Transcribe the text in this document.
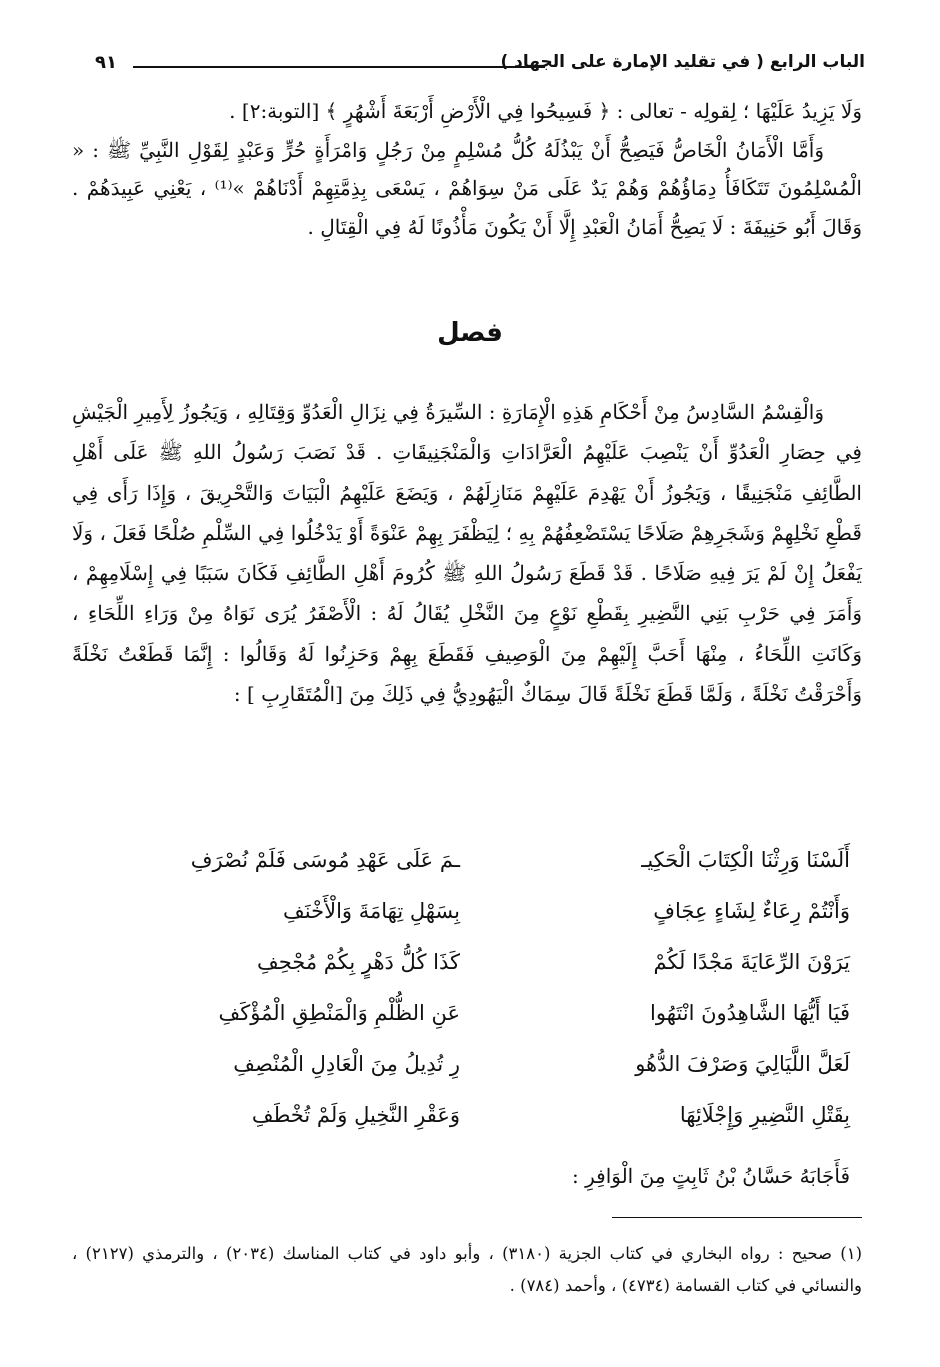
الباب الرابع ( في تقليد الإمارة على الجهاد )
٩١

وَلَا يَزِيدُ عَلَيْهَا ؛ لِقولِه - تعالى : ﴿ فَسِيحُوا فِي الْأَرْضِ أَرْبَعَةَ أَشْهُرٍ ﴾ [التوبة:٢] .

وَأَمَّا الْأَمَانُ الْخَاصُّ فَيَصِحُّ أَنْ يَبْذُلَهُ كُلُّ مُسْلِمٍ مِنْ رَجُلٍ وَامْرَأَةٍ حُرٍّ وَعَبْدٍ لِقَوْلِ النَّبِيِّ ﷺ : « الْمُسْلِمُونَ تَتَكَافَأُ دِمَاؤُهُمْ وَهُمْ يَدٌ عَلَى مَنْ سِوَاهُمْ ، يَسْعَى بِذِمَّتِهِمْ أَدْنَاهُمْ »⁽¹⁾ ، يَعْنِي عَبِيدَهُمْ . وَقَالَ أَبُو حَنِيفَةَ : لَا يَصِحُّ أَمَانُ الْعَبْدِ إِلَّا أَنْ يَكُونَ مَأْذُونًا لَهُ فِي الْقِتَالِ .

فصل

وَالْقِسْمُ السَّادِسُ مِنْ أَحْكَامِ هَذِهِ الْإِمَارَةِ : السِّيرَةُ فِي نِزَالِ الْعَدُوِّ وَقِتَالِهِ ، وَيَجُوزُ لِأَمِيرِ الْجَيْشِ فِي حِصَارِ الْعَدُوِّ أَنْ يَنْصِبَ عَلَيْهِمُ الْعَرَّادَاتِ وَالْمَنْجَنِيقَاتِ . قَدْ نَصَبَ رَسُولُ اللهِ ﷺ عَلَى أَهْلِ الطَّائِفِ مَنْجَنِيقًا ، وَيَجُوزُ أَنْ يَهْدِمَ عَلَيْهِمْ مَنَازِلَهُمْ ، وَيَضَعَ عَلَيْهِمُ الْبَيَاتَ وَالتَّحْرِيقَ ، وَإِذَا رَأَى فِي قَطْعِ نَخْلِهِمْ وَشَجَرِهِمْ صَلَاحًا يَسْتَضْعِفُهُمْ بِهِ ؛ لِيَظْفَرَ بِهِمْ عَنْوَةً أَوْ يَدْخُلُوا فِي السِّلْمِ صُلْحًا فَعَلَ ، وَلَا يَفْعَلُ إِنْ لَمْ يَرَ فِيهِ صَلَاحًا . قَدْ قَطَعَ رَسُولُ اللهِ ﷺ كُرُومَ أَهْلِ الطَّائِفِ فَكَانَ سَبَبًا فِي إِسْلَامِهِمْ ، وَأَمَرَ فِي حَرْبِ بَنِي النَّضِيرِ بِقَطْعِ نَوْعٍ مِنَ النَّخْلِ يُقَالُ لَهُ : الْأَصْفَرُ يُرَى نَوَاهُ مِنْ وَرَاءِ اللِّحَاءِ ، وَكَانَتِ اللِّحَاءُ ، مِنْهَا أَحَبَّ إِلَيْهِمْ مِنَ الْوَصِيفِ فَقَطَعَ بِهِمْ وَحَزِنُوا لَهُ وَقَالُوا : إِنَّمَا قَطَعْتُ نَخْلَةً وَأَحْرَقْتُ نَخْلَةً ، وَلَمَّا قَطَعَ نَخْلَةً قَالَ سِمَاكٌ الْيَهُودِيُّ فِي ذَلِكَ مِنَ [الْمُتَقَارِبِ ] :

أَلَسْنَا وَرِثْنَا الْكِتَابَ الْحَكِيـ
ـمَ عَلَى عَهْدِ مُوسَى فَلَمْ نُصْرَفِ
وَأَنْتُمْ رِعَاءٌ لِشَاءٍ عِجَافٍ
بِسَهْلِ تِهَامَةَ وَالْأَخْنَفِ
يَرَوْنَ الرِّعَايَةَ مَجْدًا لَكُمْ
كَذَا كُلُّ دَهْرٍ بِكُمْ مُجْحِفِ
فَيَا أَيُّهَا الشَّاهِدُونَ انْتَهُوا
عَنِ الظُّلْمِ وَالْمَنْطِقِ الْمُؤْكَفِ
لَعَلَّ اللَّيَالِيَ وَصَرْفَ الدُّهُو
رِ تُدِيلُ مِنَ الْعَادِلِ الْمُنْصِفِ
بِقَتْلِ النَّضِيرِ وَإِجْلَائِهَا
وَعَقْرِ النَّخِيلِ وَلَمْ تُخْطَفِ
فَأَجَابَهُ حَسَّانُ بْنُ ثَابِتٍ مِنَ الْوَافِرِ :
(١) صحيح : رواه البخاري في كتاب الجزية (٣١٨٠) ، وأبو داود في كتاب المناسك (٢٠٣٤) ، والترمذي (٢١٢٧) ، والنسائي في كتاب القسامة (٤٧٣٤) ، وأحمد (٧٨٤) .
